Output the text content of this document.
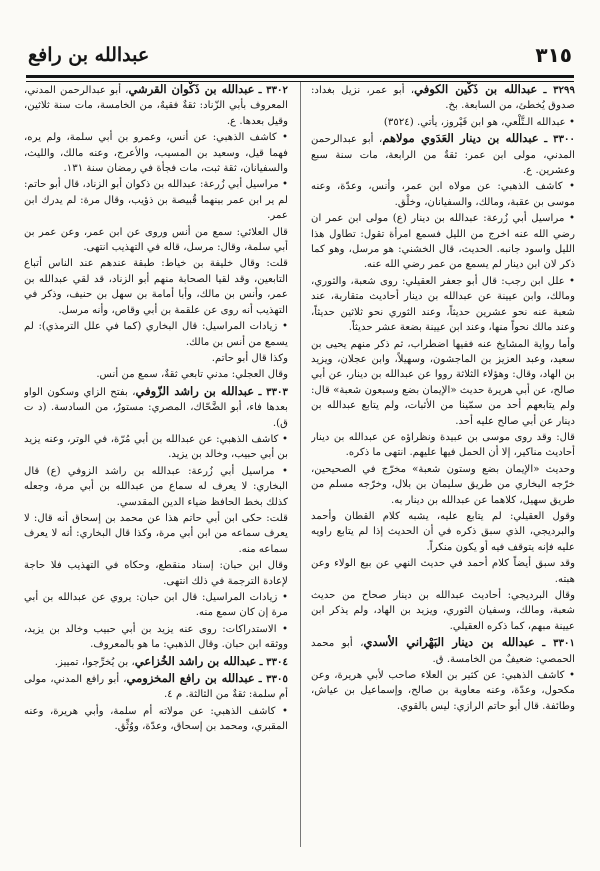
٣١٥
عبدالله بن رافع

٣٢٩٩ ـ عبدالله بن ذَكْين الكوفي، أبو عمر، نزيل بغداد: صدوق يُخطئ، من السابعة. بخ.

• عبدالله الـتَّلْعي، هو ابن فَيْروز، يأتي. (٣٥٢٤)

٣٣٠٠ ـ عبدالله بن دينار العَدَوي مولاهم، أبو عبدالرحمن المدني، مولى ابن عمر: ثقةٌ من الرابعة، مات سنة سبع وعشرين. ع.

• كاشف الذهبي: عن مولاه ابن عمر، وأنس، وعدّة، وعنه موسى بن عقبة، ومالك، والسفيانان، وخلْق.

• مراسيل أبي زُرعة: عبدالله بن دينار (ع) مولى ابن عمر ان رضي الله عنه اخرج من الليل فسمع امرأة تقول: تطاول هذا الليل واسود جانبه. الحديث، قال الخشني: هو مرسل، وهو كما ذكر لان ابن دينار لم يسمع من عمر رضي الله عنه.

• علل ابن رجب: قال أبو جعفر العقيلي: روى شعبة، والثوري، ومالك، وابن عيينة عن عبدالله بن دينار أحاديث متقاربة، عند شعبة عنه نحو عشرين حديثاً، وعند الثوري نحو ثلاثين حديثاً، وعند مالك نحواً منها، وعند ابن عيينة بضعة عشر حديثاً.

وأما رواية المشايخ عنه ففيها اضطراب، ثم ذكر منهم يحيى بن سعيد، وعبد العزيز بن الماجشون، وسهيلاً، وابن عجلان، ويزيد بن الهاد، وقال: وهؤلاء الثلاثة رووا عن عبدالله بن دينار، عن أبي صالح، عن أبي هريرة حديث «الإيمان بضع وسبعون شعبة» قال: ولم يتابعهم أحد من سمّينا من الأثبات، ولم يتابع عبدالله بن دينار عن أبي صالح عليه أحد.

قال: وقد روى موسى بن عبيدة ونظراؤه عن عبدالله بن دينار أحاديث مناكير، إلا أن الحمل فيها عليهم. انتهى ما ذكره.

وحديث «الإيمان بضع وستون شعبة» مخرّج في الصحيحين، خرّجه البخاري من طريق سليمان بن بلال، وخرّجه مسلم من طريق سهيل، كلاهما عن عبدالله بن دينار به.

وقول العقيلي: لم يتابع عليه، يشبه كلام القطان وأحمد والبرديجي، الذي سبق ذكره في أن الحديث إذا لم يتابع راويه عليه فإنه يتوقف فيه أو يكون منكراً.

وقد سبق أيضاً كلام أحمد في حديث النهي عن بيع الولاء وعن هبته.

وقال البرديجي: أحاديث عبدالله بن دينار صحاح من حديث شعبة، ومالك، وسفيان الثوري، ويزيد بن الهاد، ولم يذكر ابن عيينة مبهم، كما ذكره العقيلي.

٣٣٠١ ـ عبدالله بن دينار البَهْراني الأسدي، أبو محمد الحمصي: ضعيفٌ من الخامسة. ق.

• كاشف الذهبي: عن كثير بن العلاء صاحب لأبي هريرة، وعن مكحول، وعدّة، وعنه معاوية بن صالح، وإسماعيل بن عياش، وطائفة. قال أبو حاتم الرازي: ليس بالقوي.

٣٣٠٢ ـ عبدالله بن ذَكْوان القرشي، أبو عبدالرحمن المدني، المعروف بأبي الزّناد: ثقةٌ فقيهٌ، من الخامسة، مات سنة ثلاثين، وقيل بعدها. ع.

• كاشف الذهبي: عن أنس، وعمرو بن أبي سلمة، ولم يره، فهما قيل، وسعيد بن المسيب، والأعرج، وعنه مالك، والليث، والسفيانان، ثقة ثبت، مات فجأة في رمضان سنة ١٣١.

• مراسيل أبي زُرعة: عبدالله بن ذكوان أبو الزناد، قال أبو حاتم: لم ير ابن عمر بينهما قُبيصة بن ذؤيب، وقال مرة: لم يدرك ابن عمر.

قال العلائي: سمع من أنس وروى عن ابن عمر، وعن عمر بن أبي سلمة، وقال: مرسل، قاله في التهذيب انتهى.

قلت: وقال خليفة بن خياط: طبقة عندهم عند الناس أتباع التابعين، وقد لقيا الصحابة منهم أبو الزناد، قد لقي عبدالله بن عمر، وأنس بن مالك، وأبا أمامة بن سهل بن حنيف، وذكر في التهذيب أنه روى عن علقمة بن أبي وقاص، وأنه مرسل.

• زيادات المراسيل: قال البخاري (كما في علل الترمذي): لم يسمع من أنس بن مالك.

وكذا قال أبو حاتم.

وقال العجلي: مدني تابعي ثقةٌ، سمع من أنس.

٣٣٠٣ ـ عبدالله بن راشد الزّوفي، بفتح الزاي وسكون الواو بعدها فاء، أبو الضَّحّاك، المصري: مستورٌ، من السادسة. (د ت ق).

• كاشف الذهبي: عن عبدالله بن أبي مُرّة، في الوتر، وعنه يزيد بن أبي حبيب، وخالد بن يزيد.

• مراسيل أبي زُرعة: عبدالله بن راشد الزوفي (ع) قال البخاري: لا يعرف له سماع من عبدالله بن أبي مرة، وجعله كذلك بخط الحافظ ضياء الدين المقدسي.

قلت: حكى ابن أبي حاتم هذا عن محمد بن إسحاق أنه قال: لا يعرف سماعه من ابن أبي مرة، وكذا قال البخاري: أنه لا يعرف سماعه منه.

وقال ابن حبان: إسناد منقطع، وحكاه في التهذيب فلا حاجة لإعادة الترجمة في ذلك انتهى.

• زيادات المراسيل: قال ابن حبان: يروي عن عبدالله بن أبي مرة إن كان سمع منه.

• الاستدراكات: روى عنه يزيد بن أبي حبيب وخالد بن يزيد، ووثقه ابن حبان. وقال الذهبي: ما هو بالمعروف.

٣٣٠٤ ـ عبدالله بن راشد الخُزاعي، بن يُخرِّجوا، تمييز.

٣٣٠٥ ـ عبدالله بن رافع المخزومي، أبو رافع المدني، مولى أم سلمة: ثقةٌ من الثالثة. م ٤.

• كاشف الذهبي: عن مولاته أم سلمة، وأبي هريرة، وعنه المقبري، ومحمد بن إسحاق، وعدّة، ووُثِّق.
